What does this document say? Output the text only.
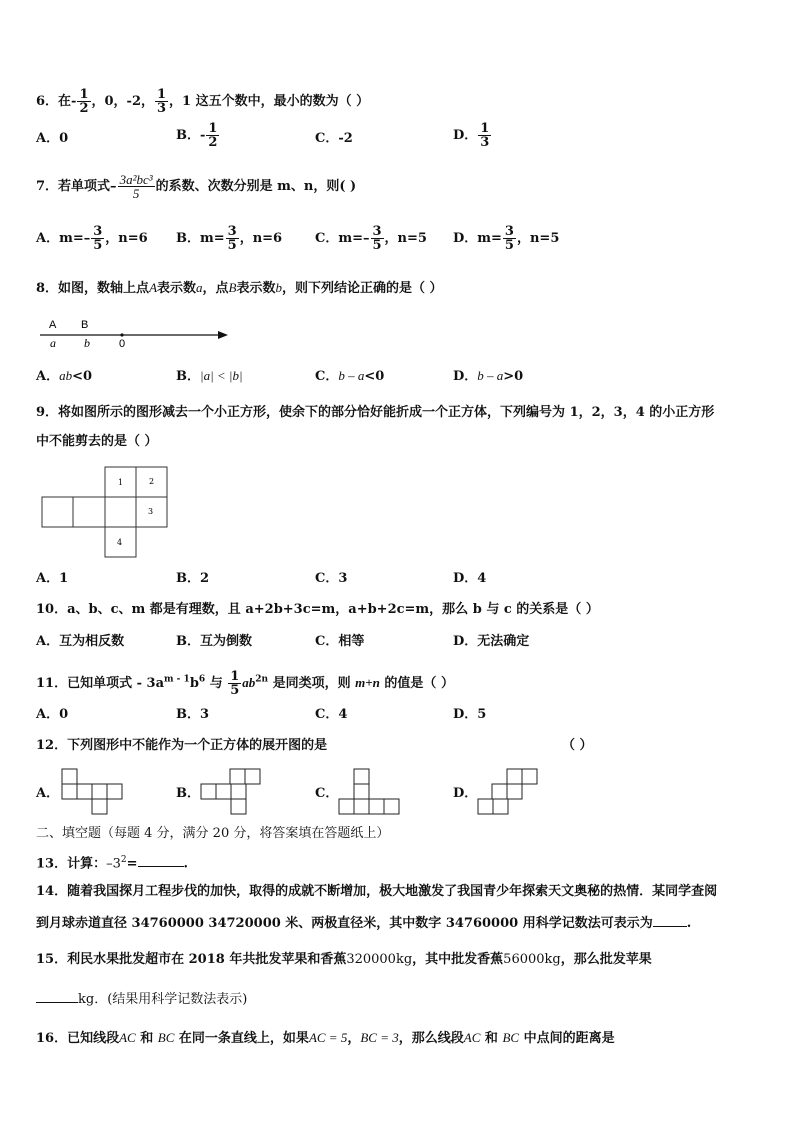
6．在- $\frac{1}{2}$ ，0，-2， $\frac{1}{3}$ ，1 这五个数中，最小的数为（ ）
A．0	B．- $\frac{1}{2}$	C．-2	D． $\frac{1}{3}$
7．若单项式– $\frac{\text{3a²bc³}}{5}$ 的系数、次数分别是 m、n，则( )
A．$m=- \frac{3}{5}$ ，n=6 B．$m= \frac{3}{5}$ ，n=6	C．$m=- \frac{3}{5}$ ，n=5 D．$m= \frac{3}{5}$ ，n=5
8．如图，数轴上点A表示数a，点B表示数b，则下列结论正确的是（ ）
A B
a b	0
A．ab<0	B．|a| < |b|	C．b – a<0	D．b – a>0
9．将如图所示的图形减去一个小正方形，使余下的部分恰好能折成一个正方体，下列编号为 1，2，3，4 的小正方形
中不能剪去的是（ ）
1	2
3
4
A．1	B．2	C．3	D．4
10．a、b、c、m 都是有理数，且 a+2b+3c=m，a+b+2c=m，那么 b 与 c 的关系是（ ）
A．互为相反数	B．互为倒数	C．相等	D．无法确定
11．已知单项式 - $3a^{m - 1}b^6$ 与 $\frac{1}{5} ab^{2n}$ 是同类项，则 m+n 的值是（ ）
A．0	B．3	C．4	D．5
12．下列图形中不能作为一个正方体的展开图的是	（ ）
A．	B．	C．	D．
二、填空题（每题 4 分，满分 20 分，将答案填在答题纸上）
13．计算：$-3^2=$	.
14．随着我国探月工程步伐的加快，取得的成就不断增加，极大地激发了我国青少年探索天文奥秘的热情．某同学查阅
到月球赤道直径 34760000 34720000 米、两极直径米，其中数字 34760000 用科学记数法可表示为	.
15．利民水果批发超市在 2018 年共批发苹果和香蕉320000kg，其中批发香蕉56000kg，那么批发苹果
kg．(结果用科学记数法表示)
16．已知线段AC 和 BC 在同一条直线上，如果AC = 5，BC = 3，那么线段AC 和 BC 中点间的距离是
